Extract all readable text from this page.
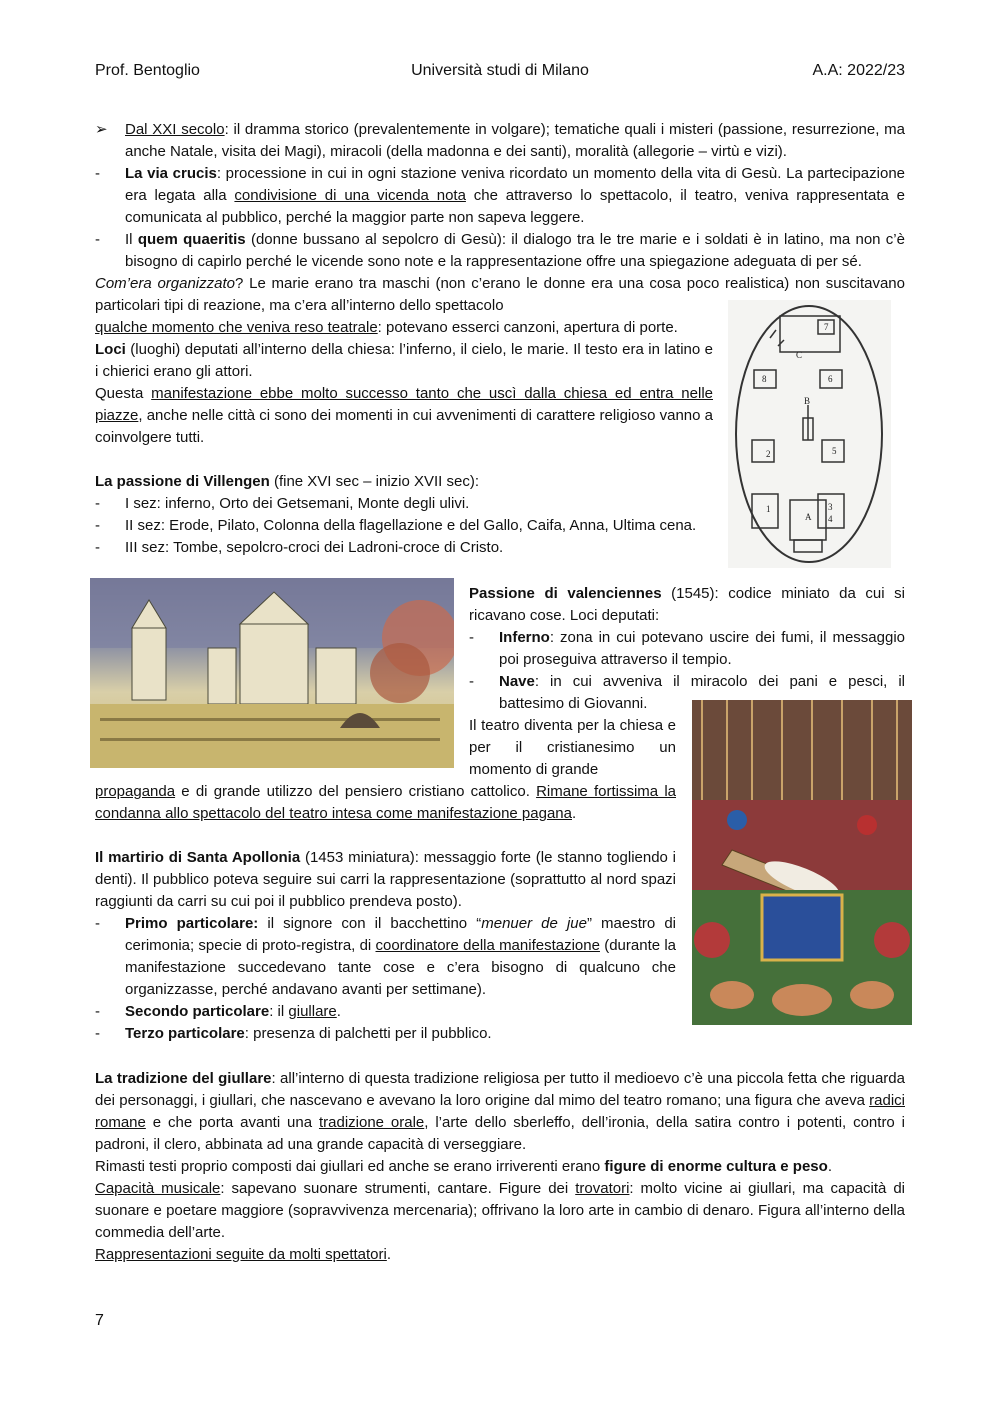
Prof. Bentoglio	Università studi di Milano	A.A: 2022/23
➢ Dal XXI secolo: il dramma storico (prevalentemente in volgare); tematiche quali i misteri (passione, resurrezione, ma anche Natale, visita dei Magi), miracoli (della madonna e dei santi), moralità (allegorie – virtù e vizi).
- La via crucis: processione in cui in ogni stazione veniva ricordato un momento della vita di Gesù. La partecipazione era legata alla condivisione di una vicenda nota che attraverso lo spettacolo, il teatro, veniva rappresentata e comunicata al pubblico, perché la maggior parte non sapeva leggere.
- Il quem quaeritis (donne bussano al sepolcro di Gesù): il dialogo tra le tre marie e i soldati è in latino, ma non c’è bisogno di capirlo perché le vicende sono note e la rappresentazione offre una spiegazione adeguata di per sé.
Com’era organizzato? Le marie erano tra maschi (non c’erano le donne era una cosa poco realistica) non suscitavano particolari tipi di reazione, ma c’era all’interno dello spettacolo
qualche momento che veniva reso teatrale: potevano esserci canzoni, apertura di porte.
Loci (luoghi) deputati all’interno della chiesa: l’inferno, il cielo, le marie. Il testo era in latino e i chierici erano gli attori.
Questa manifestazione ebbe molto successo tanto che uscì dalla chiesa ed entra nelle piazze, anche nelle città ci sono dei momenti in cui avvenimenti di carattere religioso vanno a coinvolgere tutti.
La passione di Villengen (fine XVI sec – inizio XVII sec):
- I sez: inferno, Orto dei Getsemani, Monte degli ulivi.
- II sez: Erode, Pilato, Colonna della flagellazione e del Gallo, Caifa, Anna, Ultima cena.
- III sez: Tombe, sepolcro-croci dei Ladroni-croce di Cristo.
B
C
A
1
2
3
4
5
6
7
8
Passione di valenciennes (1545): codice miniato da cui si ricavano cose. Loci deputati:
- Inferno: zona in cui potevano uscire dei fumi, il messaggio poi proseguiva attraverso il tempio.
- Nave: in cui avveniva il miracolo dei pani e pesci, il battesimo di Giovanni.
Il teatro diventa per la chiesa e per il cristianesimo un momento di grande
propaganda e di grande utilizzo del pensiero cristiano cattolico. Rimane fortissima la condanna allo spettacolo del teatro intesa come manifestazione pagana.
Il martirio di Santa Apollonia (1453 miniatura): messaggio forte (le stanno togliendo i denti). Il pubblico poteva seguire sui carri la rappresentazione (soprattutto al nord spazi raggiunti da carri su cui poi il pubblico prendeva posto).
- Primo particolare: il signore con il bacchettino “menuer de jue” maestro di cerimonia; specie di proto-registra, di coordinatore della manifestazione (durante la manifestazione succedevano tante cose e c’era bisogno di qualcuno che organizzasse, perché andavano avanti per settimane).
- Secondo particolare: il giullare.
- Terzo particolare: presenza di palchetti per il pubblico.
La tradizione del giullare: all’interno di questa tradizione religiosa per tutto il medioevo c’è una piccola fetta che riguarda dei personaggi, i giullari, che nascevano e avevano la loro origine dal mimo del teatro romano; una figura che aveva radici romane e che porta avanti una tradizione orale, l’arte dello sberleffo, dell’ironia, della satira contro i potenti, contro i padroni, il clero, abbinata ad una grande capacità di verseggiare.
Rimasti testi proprio composti dai giullari ed anche se erano irriverenti erano figure di enorme cultura e peso.
Capacità musicale: sapevano suonare strumenti, cantare. Figure dei trovatori: molto vicine ai giullari, ma capacità di suonare e poetare maggiore (sopravvivenza mercenaria); offrivano la loro arte in cambio di denaro. Figura all’interno della commedia dell’arte.
Rappresentazioni seguite da molti spettatori.
7
